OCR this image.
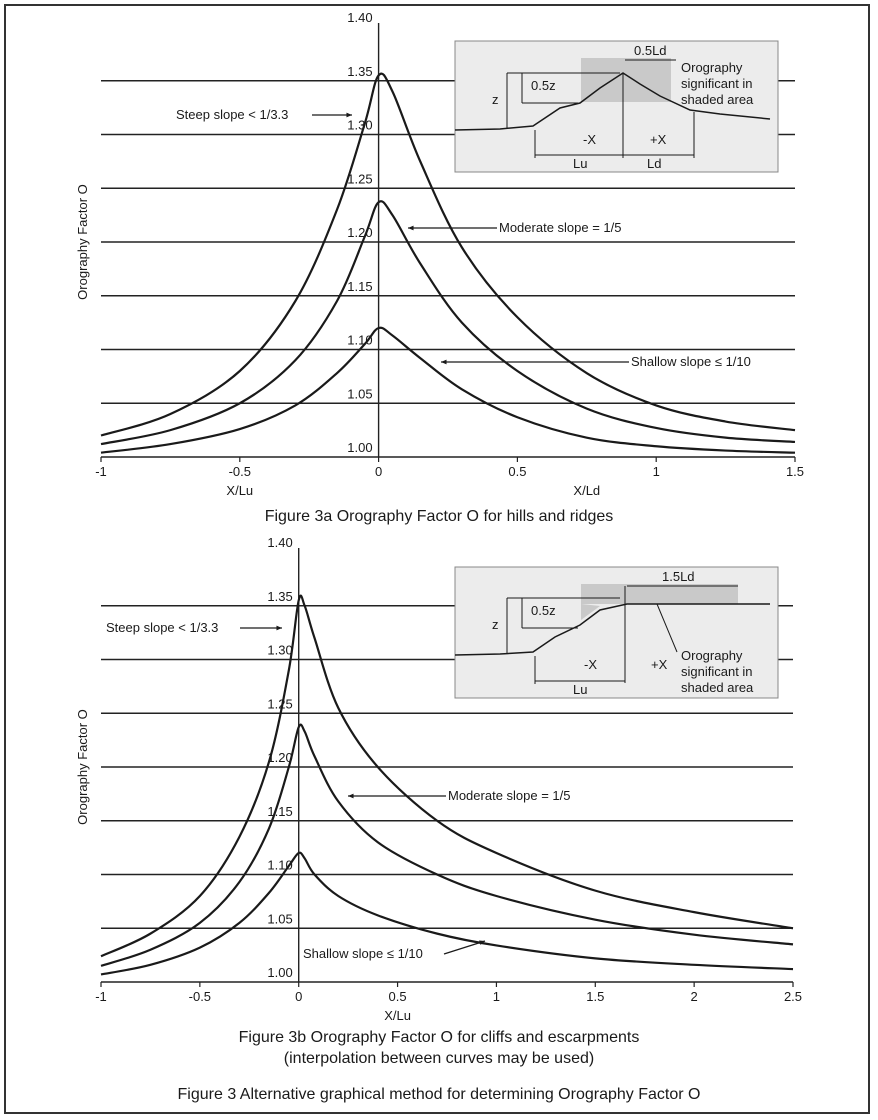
1.00
1.05
1.10
1.15
1.20
1.25
1.30
1.35
1.40
-1	-0.5	0	0.5	1	1.5
Orography Factor O
X/Lu	X/Ld
Steep slope < 1/3.3
Moderate slope = 1/5
Shallow slope ≤ 1/10
0.5Ld
Orography
significant in
shaded area
0.5z
z
-X	+X
Lu	Ld
1.00
1.05
1.10
1.15
1.20
1.25
1.30
1.35
1.40
-1	-0.5	0	0.5	1	1.5	2	2.5
Orography Factor O
X/Lu
Steep slope < 1/3.3
Moderate slope = 1/5
Shallow slope ≤ 1/10
1.5Ld
0.5z
z
-X	+X
Orography
significant in
shaded area
Lu
Figure 3a Orography Factor O for hills and ridges
Figure 3b Orography Factor O for cliffs and escarpments
(interpolation between curves may be used)
Figure 3 Alternative graphical method for determining Orography Factor O
